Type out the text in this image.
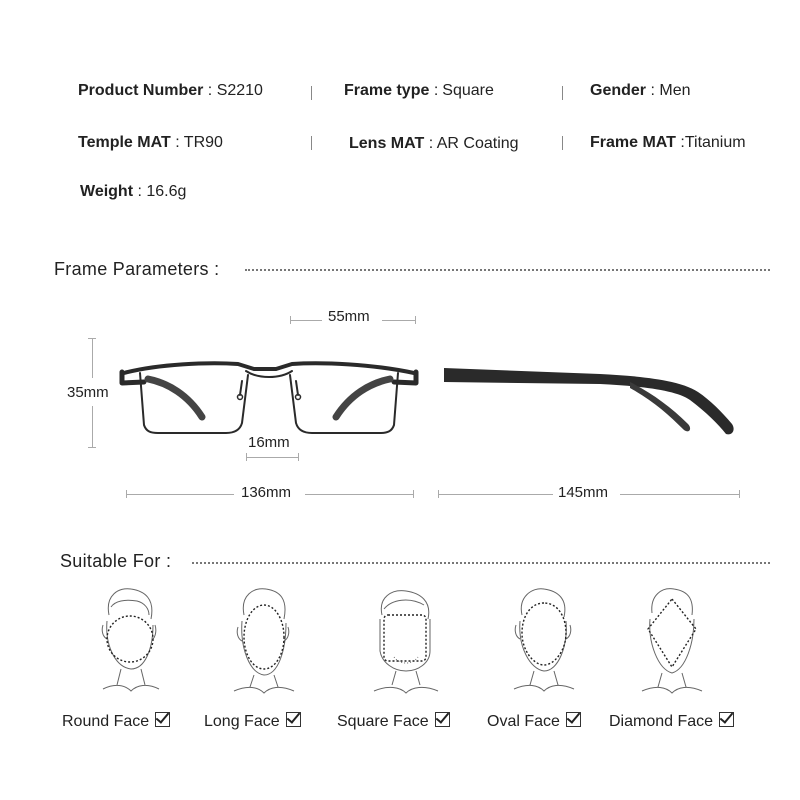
Product Number : S2210	Frame type : Square	Gender : Men
Temple MAT : TR90	Lens MAT : AR Coating	Frame MAT :Titanium
Weight : 16.6g
Frame Parameters :
55mm
35mm
16mm
136mm	145mm
Suitable For :
Round Face	Long Face	Square Face	Oval Face	Diamond Face
